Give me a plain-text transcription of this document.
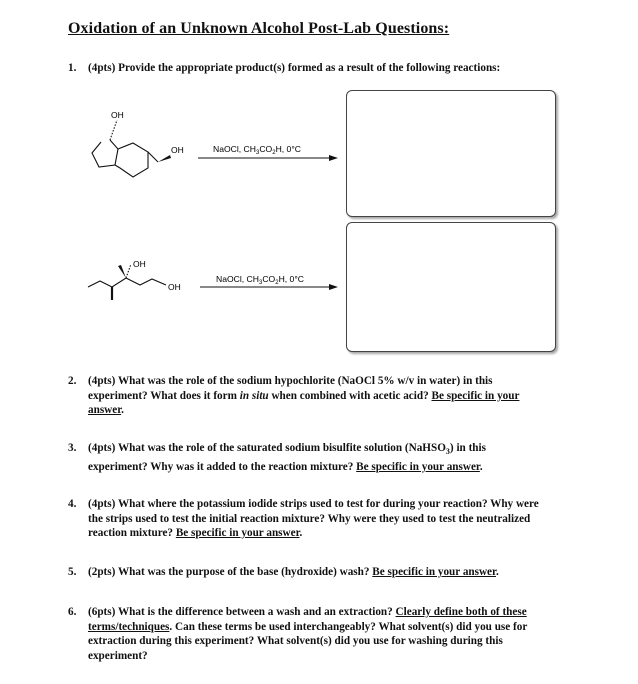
Oxidation of an Unknown Alcohol Post-Lab Questions:
1. (4pts) Provide the appropriate product(s) formed as a result of the following reactions:
OH
OH	NaOCl, $CH_3CO_2H$, 0°C
OH
OH
NaOCl, $CH_3CO_2H$, 0°C
2. (4pts) What was the role of the sodium hypochlorite (NaOCl 5% w/v in water) in this
experiment? What does it form in situ when combined with acetic acid? Be specific in your
answer.
3. (4pts) What was the role of the saturated sodium bisulfite solution (NaHSO$_3$) in this
experiment? Why was it added to the reaction mixture? Be specific in your answer.
4. (4pts) What where the potassium iodide strips used to test for during your reaction? Why were
the strips used to test the initial reaction mixture? Why were they used to test the neutralized
reaction mixture? Be specific in your answer.
5. (2pts) What was the purpose of the base (hydroxide) wash? Be specific in your answer.
6. (6pts) What is the difference between a wash and an extraction? Clearly define both of these
terms/techniques. Can these terms be used interchangeably? What solvent(s) did you use for
extraction during this experiment? What solvent(s) did you use for washing during this
experiment?
